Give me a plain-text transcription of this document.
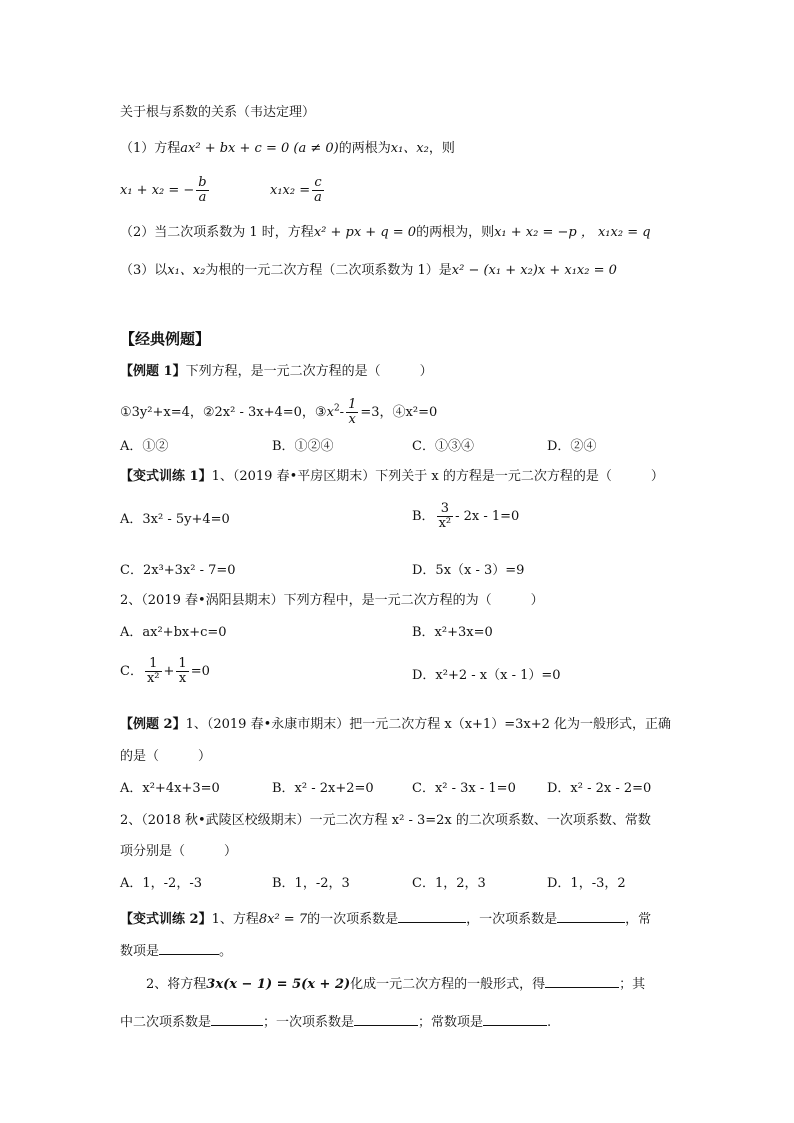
关于根与系数的关系（韦达定理）
（1）方程ax² + bx + c = 0 (a ≠ 0)的两根为x₁、x₂，则
x₁ + x₂ = − $\frac{b}{a}$	$x_1x_2 = \frac{c}{a}$
（2）当二次项系数为 1 时，方程x² + px + q = 0的两根为，则x₁ + x₂ = −p ， x₁x₂ = q
（3）以x₁、x₂为根的一元二次方程（二次项系数为 1）是x² − (x₁ + x₂)x + x₁x₂ = 0
【经典例题】
【例题 1】下列方程，是一元二次方程的是（　　　）
①3y²+x=4，②2x² - 3x+4=0，$③x^2- \frac{1}{x} =3$，④x²=0
A．①②	B．①②④	C．①③④	D．②④
【变式训练 1】1、（2019 春•平房区期末）下列关于 x 的方程是一元二次方程的是（　　　）
A．3x² - 5y+4=0	B． $\frac{3}{\text{x²}} - 2x - 1=0$
C．2x³+3x² - 7=0	D．5x（x - 3）=9
2、（2019 春•涡阳县期末）下列方程中，是一元二次方程的为（　　　）
A．ax²+bx+c=0	B．x²+3x=0
C． $\frac{1}{\text{x²}} + \frac{1}{x} =0$	D．x²+2 - x（x - 1）=0
【例题 2】1、（2019 春•永康市期末）把一元二次方程 x（x+1）=3x+2 化为一般形式，正确
的是（　　　）
A．x²+4x+3=0	B．x² - 2x+2=0	C．x² - 3x - 1=0 D．x² - 2x - 2=0
2、（2018 秋•武陵区校级期末）一元二次方程 x² - 3=2x 的二次项系数、一次项系数、常数
项分别是（　　　）
A．1，-2，-3	B．1，-2，3	C．1，2，3	D．1，-3，2
【变式训练 2】1、方程8x² = 7的一次项系数是	，一次项系数是	，常
数项是	。
2、将方程3x(x − 1) = 5(x + 2)化成一元二次方程的一般形式，得	；其
中二次项系数是	；一次项系数是	；常数项是	.
